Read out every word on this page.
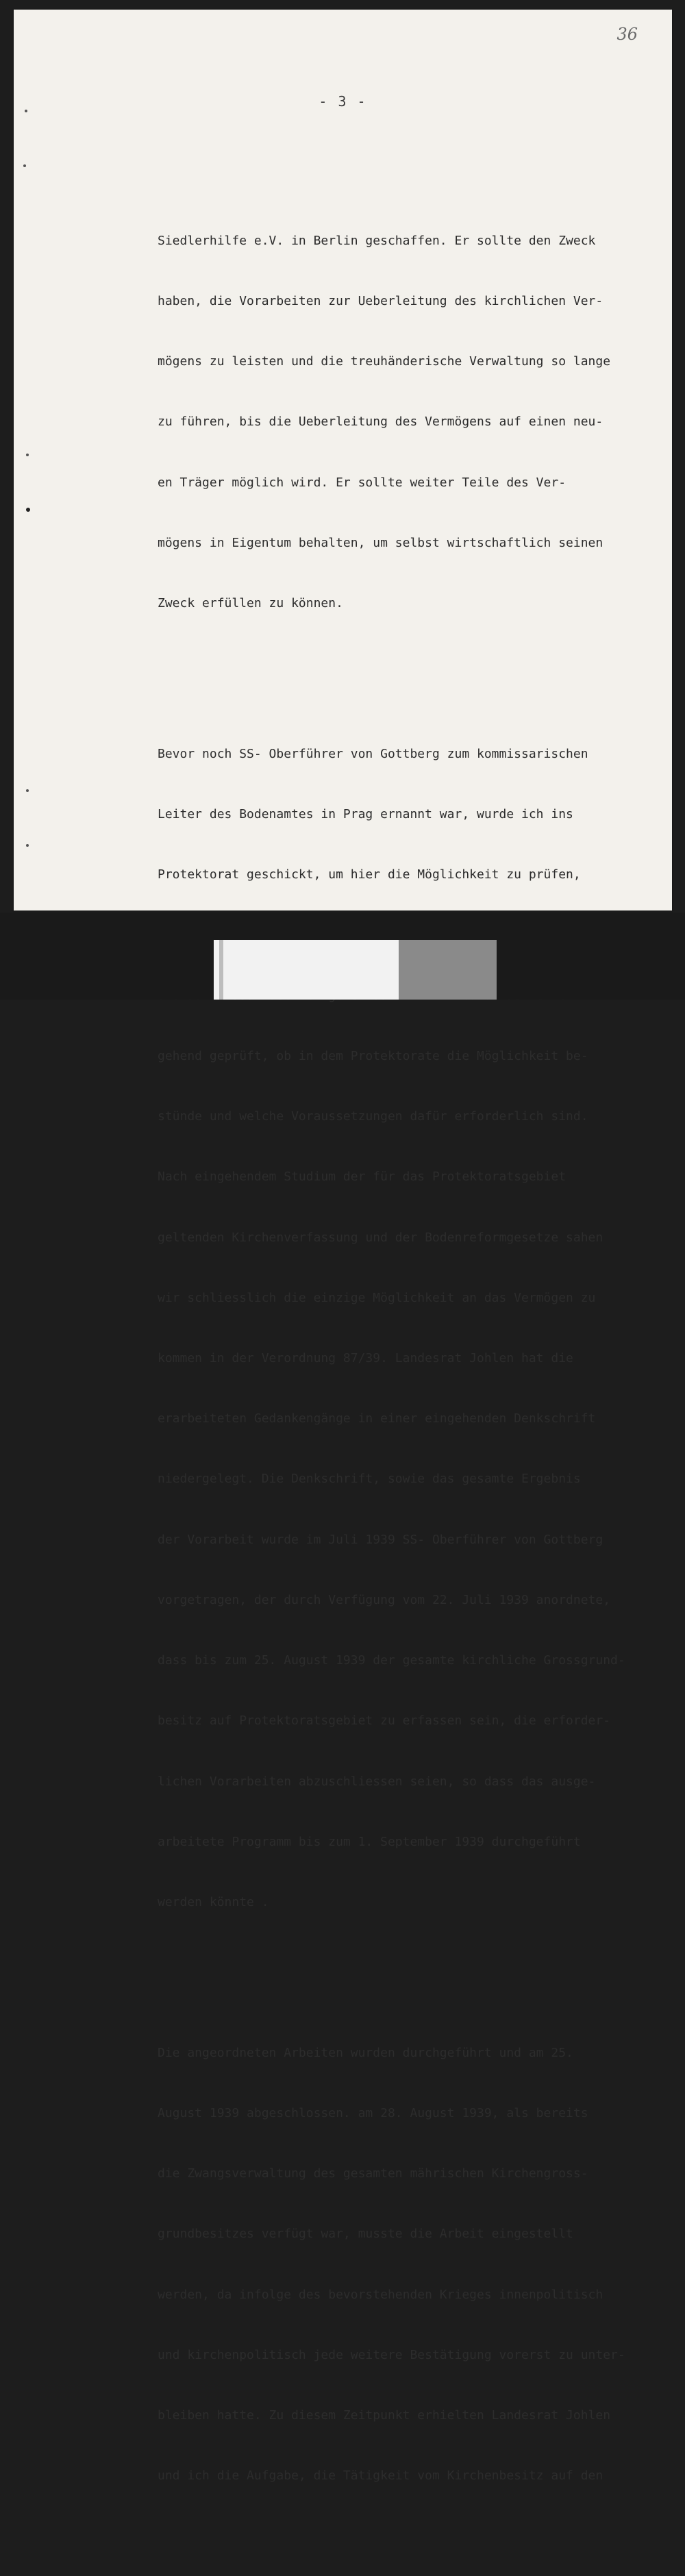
36
- 3 -

Siedlerhilfe e.V. in Berlin geschaffen. Er sollte den Zweck

haben, die Vorarbeiten zur Ueberleitung des kirchlichen Ver-

mögens zu leisten und die treuhänderische Verwaltung so lange

zu führen, bis die Ueberleitung des Vermögens auf einen neu-

en Träger möglich wird. Er sollte weiter Teile des Ver-

mögens in Eigentum behalten, um selbst wirtschaftlich seinen

Zweck erfüllen zu können.

Bevor noch SS- Oberführer von Gottberg zum kommissarischen

Leiter des Bodenamtes in Prag ernannt war, wurde ich ins

Protektorat geschickt, um hier die Möglichkeit zu prüfen,

gehend geprüft, ob in dem Protektorate die Möglichkeit be-

stünde und welche Voraussetzungen dafür erforderlich sind.

Nach eingehendem Studium der für das Protektoratsgebiet

geltenden Kirchenverfassung und der Bodenreformgesetze sahen

wir schliesslich die einzige Möglichkeit an das Vermögen zu

kommen in der Verordnung 87/39. Landesrat Johlen hat die

erarbeiteten Gedankengänge in einer eingehenden Denkschrift

niedergelegt. Die Denkschrift, sowie das gesamte Ergebnis

der Vorarbeit wurde im Juli 1939 SS- Oberführer von Gottberg

vorgetragen, der durch Verfügung vom 22. Juli 1939 anordnete,

dass bis zum 25. August 1939 der gesamte kirchliche Grossgrund-

besitz auf Protektoratsgebiet zu erfassen sein, die erforder-

lichen Vorarbeiten abzuschliessen seien, so dass das ausge-

arbeitete Programm bis zum 1. September 1939 durchgeführt

werden könnte .

Die angeordneten Arbeiten wurden durchgeführt und am 25.

August 1939 abgeschlossen. am 28. August 1939, als bereits

die Zwangsverwaltung des gesamten mährischen Kirchengross-

grundbesitzes verfügt war, musste die Arbeit eingestellt

werden, da infolge des bevorstehenden Krieges innenpolitisch

und kirchenpolitisch jede weitere Bestätigung vorerst zu unter-

bleiben hatte. Zu diesem Zeitpunkt erhielten Landesrat Johlen

und ich die Aufgabe, die Tätigkeit vom Kirchenbesitz auf den
